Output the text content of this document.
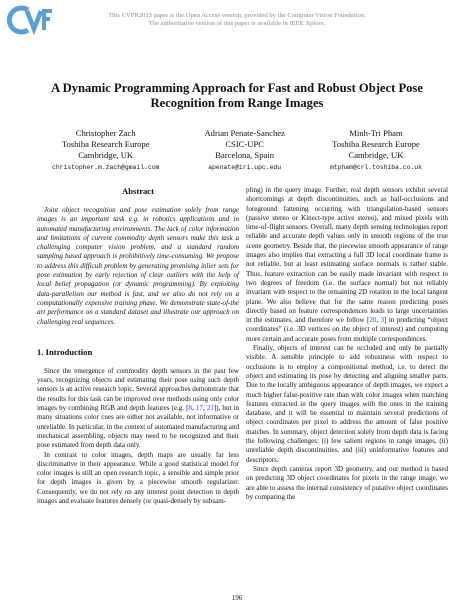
This CVPR2015 paper is the Open Access version, provided by the Computer Vision Foundation.
The authoritative version of this paper is available in IEEE Xplore.
A Dynamic Programming Approach for Fast and Robust Object Pose
Recognition from Range Images
Christopher Zach
Toshiba Research Europe
Cambridge, UK
christopher.m.zach@gmail.com
Adrian Penate-Sanchez
CSIC-UPC
Barcelona, Spain
apenate@iri.upc.edu
Minh-Tri Pham
Toshiba Research Europe
Cambridge, UK
mtpham@crl.toshiba.co.uk
Abstract

Joint object recognition and pose estimation solely from range images is an important task e.g. in robotics applications and in automated manufacturing environments. The lack of color information and limitations of current commodity depth sensors make this task a challenging computer vision problem, and a standard random sampling based approach is prohibitively time-consuming. We propose to address this difficult problem by generating promising inlier sets for pose estimation by early rejection of clear outliers with the help of local belief propagation (or dynamic programming). By exploiting data-parallelism our method is fast, and we also do not rely on a computationally expensive training phase. We demonstrate state-of-the art performance on a standard dataset and illustrate our approach on challenging real sequences.

1. Introduction

Since the emergence of commodity depth sensors in the past few years, recognizing objects and estimating their pose using such depth sensors is an active research topic. Several approaches demonstrate that the results for this task can be improved over methods using only color images by combining RGB and depth features (e.g. [8, 17, 21]), but in many situations color cues are either not available, not informative or unreliable. In particular, in the context of automated manufacturing and mechanical assembling, objects may need to be recognized and their pose estimated from depth data only.

In contrast to color images, depth maps are usually far less discriminative in their appearance. While a good statistical model for color images is still an open research topic, a sensible and simple prior for depth images is given by a piecewise smooth regularizer. Consequently, we do not rely on any interest point detection in depth images and evaluate features densely (or quasi-densely by subsam-

pling) in the query image. Further, real depth sensors exhibit several shortcomings at depth discontinuities, such as half-occlusions and foreground fattening occurring with triangulation-based sensors (passive stereo or Kinect-type active stereo), and mixed pixels with time-of-flight sensors. Overall, many depth sensing technologies report reliable and accurate depth values only in smooth regions of the true scene geometry. Beside that, the piecewise smooth appearance of range images also implies that extracting a full 3D local coordinate frame is not reliable, but at least estimating surface normals is rather stable. Thus, feature extraction can be easily made invariant with respect to two degrees of freedom (i.e. the surface normal) but not reliably invariant with respect to the remaining 2D rotation in the local tangent plane. We also believe that for the same reason predicting poses directly based on feature correspondences leads to large uncertainties in the estimates, and therefore we follow [20, 3] in predicting “object coordinates” (i.e. 3D vertices on the object of interest) and computing more certain and accurate poses from multiple correspondences.

Finally, objects of interest can be occluded and only be partially visible. A sensible principle to add robustness with respect to occlusions is to employ a compositional method, i.e. to detect the object and estimating its pose by detecting and aligning smaller parts. Due to the locally ambiguous appearance of depth images, we expect a much higher false-positive rate than with color images when matching features extracted in the query images with the ones in the training database, and it will be essential to maintain several predictions of object coordinates per pixel to address the amount of false positive matches. In summary, object detection solely from depth data is facing the following challenges: (i) few salient regions in range images, (ii) unreliable depth discontinuities, and (iii) uninformative features and descriptors.

Since depth cameras report 3D geometry, and our method is based on predicting 3D object coordinates for pixels in the range image, we are able to assess the internal consistency of putative object coordinates by comparing the

196
